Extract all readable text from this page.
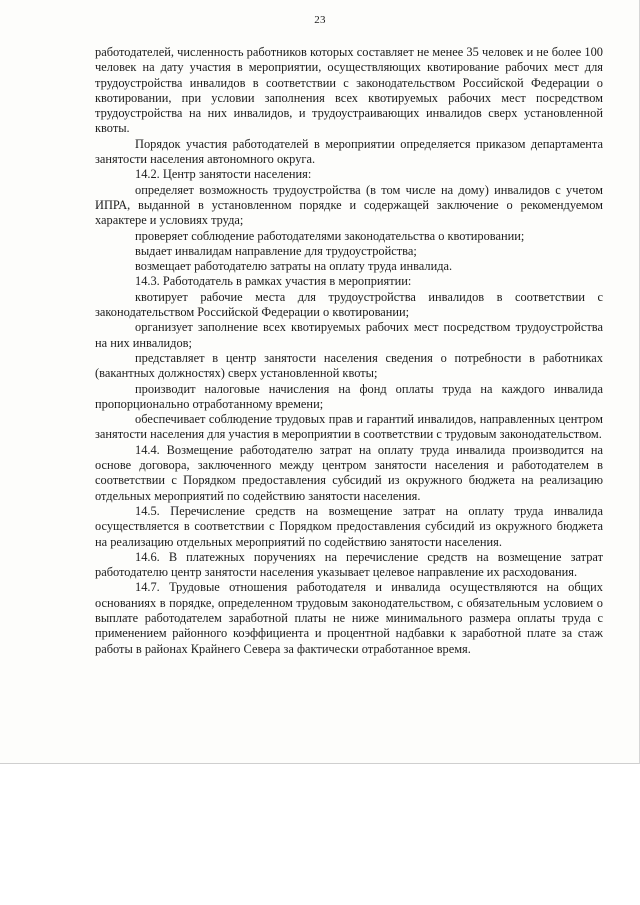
23

работодателей, численность работников которых составляет не менее 35 человек и не более 100 человек на дату участия в мероприятии, осуществляющих квотирование рабочих мест для трудоустройства инвалидов в соответствии с законодательством Российской Федерации о квотировании, при условии заполнения всех квотируемых рабочих мест посредством трудоустройства на них инвалидов, и трудоустраивающих инвалидов сверх установленной квоты.

Порядок участия работодателей в мероприятии определяется приказом департамента занятости населения автономного округа.

14.2. Центр занятости населения:

определяет возможность трудоустройства (в том числе на дому) инвалидов с учетом ИПРА, выданной в установленном порядке и содержащей заключение о рекомендуемом характере и условиях труда;

проверяет соблюдение работодателями законодательства о квотировании;

выдает инвалидам направление для трудоустройства;

возмещает работодателю затраты на оплату труда инвалида.

14.3. Работодатель в рамках участия в мероприятии:

квотирует рабочие места для трудоустройства инвалидов в соответствии с законодательством Российской Федерации о квотировании;

организует заполнение всех квотируемых рабочих мест посредством трудоустройства на них инвалидов;

представляет в центр занятости населения сведения о потребности в работниках (вакантных должностях) сверх установленной квоты;

производит налоговые начисления на фонд оплаты труда на каждого инвалида пропорционально отработанному времени;

обеспечивает соблюдение трудовых прав и гарантий инвалидов, направленных центром занятости населения для участия в мероприятии в соответствии с трудовым законодательством.

14.4. Возмещение работодателю затрат на оплату труда инвалида производится на основе договора, заключенного между центром занятости населения и работодателем в соответствии с Порядком предоставления субсидий из окружного бюджета на реализацию отдельных мероприятий по содействию занятости населения.

14.5. Перечисление средств на возмещение затрат на оплату труда инвалида осуществляется в соответствии с Порядком предоставления субсидий из окружного бюджета на реализацию отдельных мероприятий по содействию занятости населения.

14.6. В платежных поручениях на перечисление средств на возмещение затрат работодателю центр занятости населения указывает целевое направление их расходования.

14.7. Трудовые отношения работодателя и инвалида осуществляются на общих основаниях в порядке, определенном трудовым законодательством, с обязательным условием о выплате работодателем заработной платы не ниже минимального размера оплаты труда с применением районного коэффициента и процентной надбавки к заработной плате за стаж работы в районах Крайнего Севера за фактически отработанное время.
